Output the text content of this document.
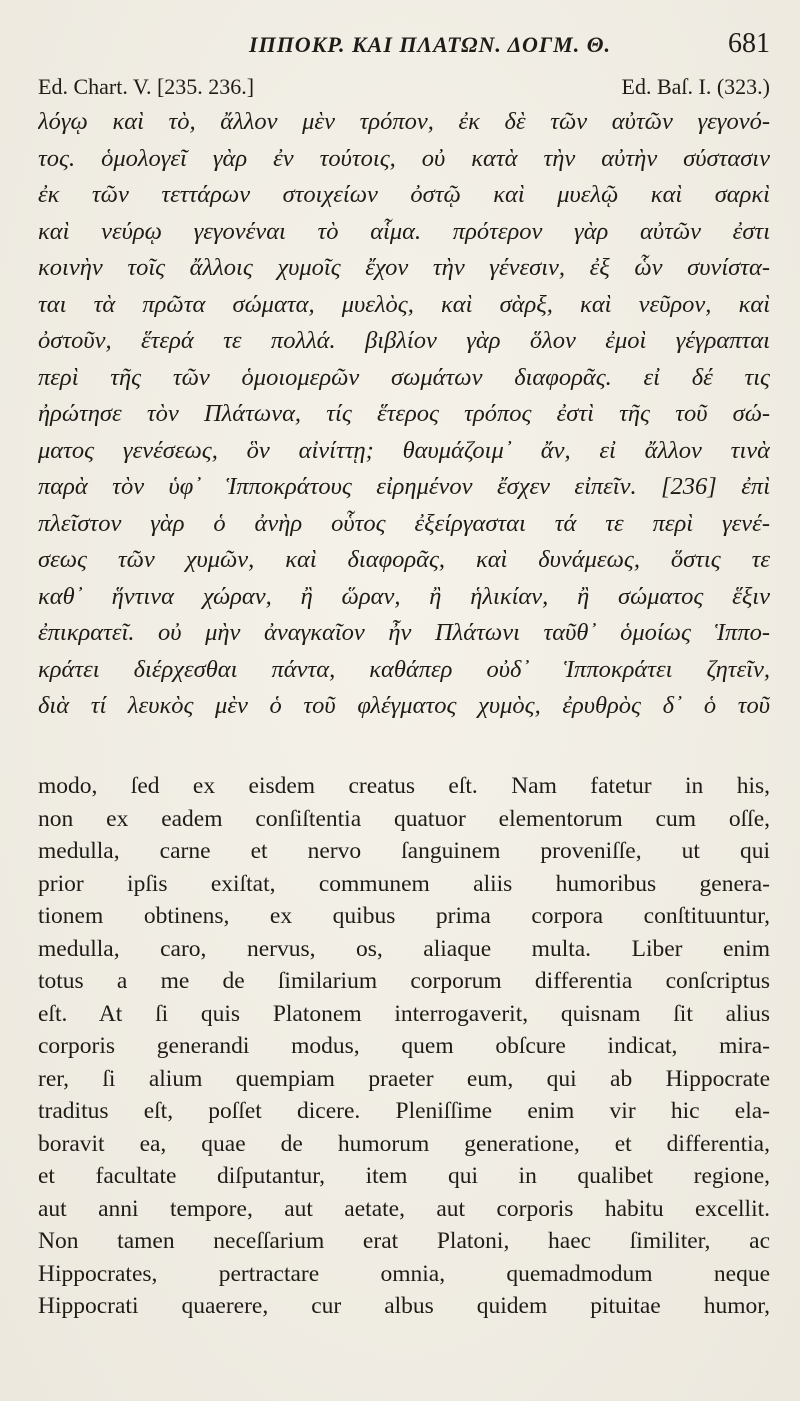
ΙΠΠΟΚΡ. ΚΑΙ ΠΛΑΤΩΝ. ΔΟΓΜ. Θ.	681
Ed. Chart. V. [235. 236.]	Ed. Baſ. I. (323.)
λόγῳ καὶ τὸ, ἄλλον μὲν τρόπον, ἐκ δὲ τῶν αὐτῶν γεγονό-
τος. ὁμολογεῖ γὰρ ἐν τούτοις, οὐ κατὰ τὴν αὐτὴν σύστασιν
ἐκ τῶν τεττάρων στοιχείων ὀστῷ καὶ μυελῷ καὶ σαρκὶ
καὶ νεύρῳ γεγονέναι τὸ αἷμα. πρότερον γὰρ αὐτῶν ἐστι
κοινὴν τοῖς ἄλλοις χυμοῖς ἔχον τὴν γένεσιν, ἐξ ὧν συνίστα-
ται τὰ πρῶτα σώματα, μυελὸς, καὶ σὰρξ, καὶ νεῦρον, καὶ
ὀστοῦν, ἕτερά τε πολλά. βιβλίον γὰρ ὅλον ἐμοὶ γέγραπται
περὶ τῆς τῶν ὁμοιομερῶν σωμάτων διαφορᾶς. εἰ δέ τις
ἠρώτησε τὸν Πλάτωνα, τίς ἕτερος τρόπος ἐστὶ τῆς τοῦ σώ-
ματος γενέσεως, ὃν αἰνίττῃ; θαυμάζοιμ᾽ ἄν, εἰ ἄλλον τινὰ
παρὰ τὸν ὑφ᾽ Ἱπποκράτους εἰρημένον ἔσχεν εἰπεῖν. [236] ἐπὶ
πλεῖστον γὰρ ὁ ἀνὴρ οὗτος ἐξείργασται τά τε περὶ γενέ-
σεως τῶν χυμῶν, καὶ διαφορᾶς, καὶ δυνάμεως, ὅστις τε
καθ᾽ ἥντινα χώραν, ἢ ὥραν, ἢ ἡλικίαν, ἢ σώματος ἕξιν
ἐπικρατεῖ. οὐ μὴν ἀναγκαῖον ἦν Πλάτωνι ταῦθ᾽ ὁμοίως Ἱππο-
κράτει διέρχεσθαι πάντα, καθάπερ οὐδ᾽ Ἱπποκράτει ζητεῖν,
διὰ τί λευκὸς μὲν ὁ τοῦ φλέγματος χυμὸς, ἐρυθρὸς δ᾽ ὁ τοῦ
modo, ſed ex eisdem creatus eſt. Nam fatetur in his,
non ex eadem conſiſtentia quatuor elementorum cum oſſe,
medulla, carne et nervo ſanguinem proveniſſe, ut qui
prior ipſis exiſtat, communem aliis humoribus genera-
tionem obtinens, ex quibus prima corpora conſtituuntur,
medulla, caro, nervus, os, aliaque multa. Liber enim
totus a me de ſimilarium corporum differentia conſcriptus
eſt. At ſi quis Platonem interrogaverit, quisnam ſit alius
corporis generandi modus, quem obſcure indicat, mira-
rer, ſi alium quempiam praeter eum, qui ab Hippocrate
traditus eſt, poſſet dicere. Pleniſſime enim vir hic ela-
boravit ea, quae de humorum generatione, et differentia,
et facultate diſputantur, item qui in qualibet regione,
aut anni tempore, aut aetate, aut corporis habitu excellit.
Non tamen neceſſarium erat Platoni, haec ſimiliter, ac
Hippocrates, pertractare omnia, quemadmodum neque
Hippocrati quaerere, cur albus quidem pituitae humor,
